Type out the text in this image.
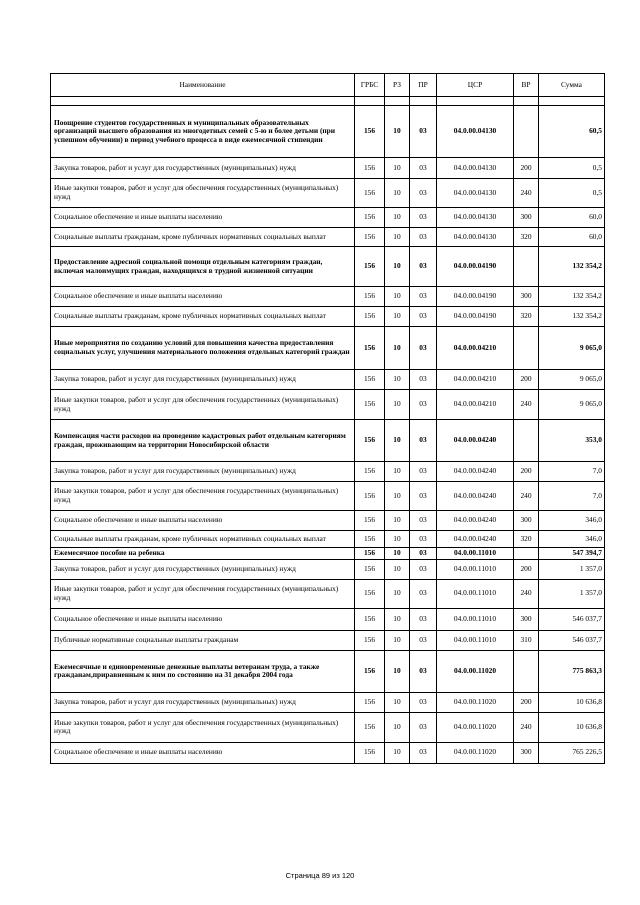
Наименование	ГРБС	РЗ	ПР	ЦСР	ВР	Сумма

Поощрение студентов государственных и муниципальных образовательных организаций высшего образования из многодетных семей с 5-ю и более детьми (при успешном обучении) в период учебного процесса в виде ежемесячной стипендии	156	10	03	04.0.00.04130		60,5
Закупка товаров, работ и услуг для государственных (муниципальных) нужд	156	10	03	04.0.00.04130	200	0,5
Иные закупки товаров, работ и услуг для обеспечения государственных (муниципальных) нужд	156	10	03	04.0.00.04130	240	0,5
Социальное обеспечение и иные выплаты населению	156	10	03	04.0.00.04130	300	60,0
Социальные выплаты гражданам, кроме публичных нормативных социальных выплат	156	10	03	04.0.00.04130	320	60,0
Предоставление адресной социальной помощи отдельным категориям граждан, включая малоимущих граждан, находящихся в трудной жизненной ситуации	156	10	03	04.0.00.04190		132 354,2
Социальное обеспечение и иные выплаты населению	156	10	03	04.0.00.04190	300	132 354,2
Социальные выплаты гражданам, кроме публичных нормативных социальных выплат	156	10	03	04.0.00.04190	320	132 354,2
Иные мероприятия по созданию условий для повышения качества предоставления социальных услуг, улучшения материального положения отдельных категорий граждан	156	10	03	04.0.00.04210		9 065,0
Закупка товаров, работ и услуг для государственных (муниципальных) нужд	156	10	03	04.0.00.04210	200	9 065,0
Иные закупки товаров, работ и услуг для обеспечения государственных (муниципальных) нужд	156	10	03	04.0.00.04210	240	9 065,0
Компенсация части расходов на проведение кадастровых работ отдельным категориям граждан, проживающим на территории Новосибирской области	156	10	03	04.0.00.04240		353,0
Закупка товаров, работ и услуг для государственных (муниципальных) нужд	156	10	03	04.0.00.04240	200	7,0
Иные закупки товаров, работ и услуг для обеспечения государственных (муниципальных) нужд	156	10	03	04.0.00.04240	240	7,0
Социальное обеспечение и иные выплаты населению	156	10	03	04.0.00.04240	300	346,0
Социальные выплаты гражданам, кроме публичных нормативных социальных выплат	156	10	03	04.0.00.04240	320	346,0
Ежемесячное пособие на ребенка	156	10	03	04.0.00.11010		547 394,7
Закупка товаров, работ и услуг для государственных (муниципальных) нужд	156	10	03	04.0.00.11010	200	1 357,0
Иные закупки товаров, работ и услуг для обеспечения государственных (муниципальных) нужд	156	10	03	04.0.00.11010	240	1 357,0
Социальное обеспечение и иные выплаты населению	156	10	03	04.0.00.11010	300	546 037,7
Публичные нормативные социальные выплаты гражданам	156	10	03	04.0.00.11010	310	546 037,7
Ежемесячные и единовременные денежные выплаты ветеранам труда, а также гражданам,приравненным к ним по состоянию на 31 декабря 2004 года	156	10	03	04.0.00.11020		775 863,3
Закупка товаров, работ и услуг для государственных (муниципальных) нужд	156	10	03	04.0.00.11020	200	10 636,8
Иные закупки товаров, работ и услуг для обеспечения государственных (муниципальных) нужд	156	10	03	04.0.00.11020	240	10 636,8
Социальное обеспечение и иные выплаты населению	156	10	03	04.0.00.11020	300	765 226,5
Страница 89 из 120
